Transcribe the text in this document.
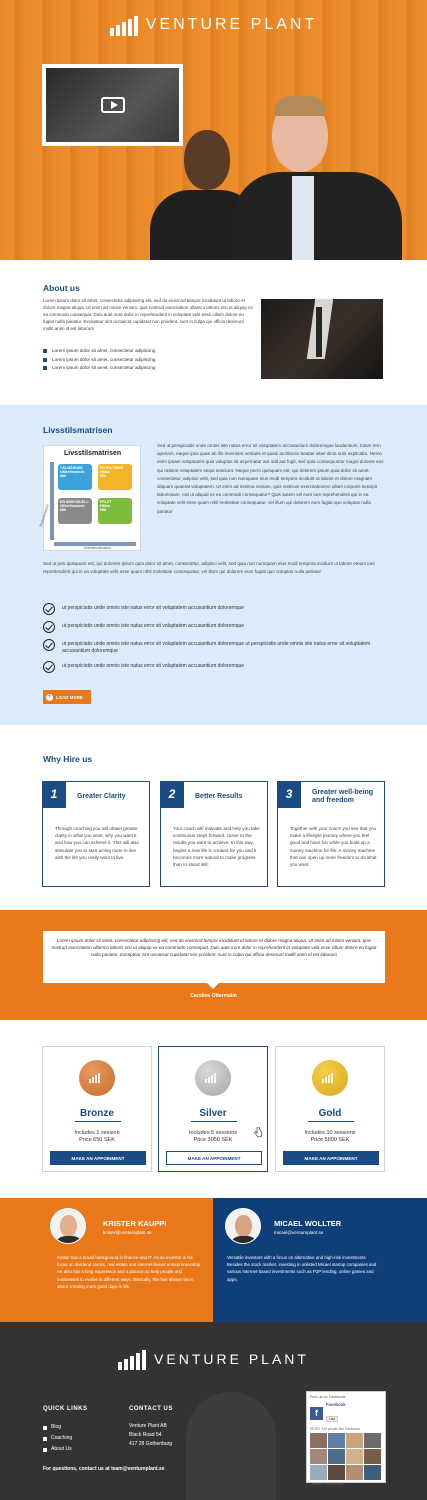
VENTURE PLANT
About us

Lorem ipsum dolor sit amet, consectetur adipiscing elit, sed do eiusmod tempor incididunt ut labore et dolore magna aliqua. Ut enim ad minim veniam, quis nostrud exercitation ullamco laboris nisi ut aliquip ex ea commodo consequat. Duis aute irure dolor in reprehenderit in voluptate velit esse cillum dolore eu fugiat nulla pariatur. Excepteur sint occaecat cupidatat non proident, sunt in culpa qui officia deserunt mollit anim id est laborum

Lorem ipsum dolor sit amet, consectetur adipiscing
Lorem ipsum dolor sit amet, consectetur adipiscing
Lorem ipsum dolor sit amet, consectetur adipiscing
Livsstilsmatrisen
Livsstilsmatrisen
VÅLMÅENDE
Välbefinnande
Mål
EN RIKTNING
Hälsa
Mål
EN INDIVIDUELL
Välbefinnande
Mål
FRI-ET
Hälsa
Mål
Prestationsnivå
Arbetsmotivation

Sed ut perspiciatis unde omnis iste natus error sit voluptatem accusantium doloremque laudantium, totam rem aperiam, eaque ipsa quae ab illo inventore veritatis et quasi architecto beatae vitae dicta sunt explicabo. Nemo enim ipsam voluptatem quia voluptas sit aspernatur aut odit aut fugit, sed quia consequuntur magni dolores eos qui ratione voluptatem sequi nesciunt. Neque porro quisquam est, qui dolorem ipsum quia dolor sit amet, consectetur, adipisci velit, sed quia non numquam eius modi tempora incidunt ut labore et dolore magnam aliquam quaerat voluptatem. Ut enim ad minima veniam, quis nostrum exercitationem ullam corporis suscipit laboriosam, nisi ut aliquid ex ea commodi consequatur? Quis autem vel eum iure reprehenderit qui in ea voluptate velit esse quam nihil molestiae consequatur, vel illum qui dolorem eum fugiat quo voluptas nulla pariatur

Sed ut peo quisquam est, qui dolorem ipsum quia dolor sit amet, consectetur, adipisci velit, sed quia non numquam eius modi tempora incidunt ut labore eteum iure reprehenderit qui in ea voluptate velit esse quam nihil molestiae consequatur, vel illum qui dolorem eum fugiat quo voluptas nulla pariatur

ut perspiciatis unde omnis iste natus error sit voluptatem accusantium doloremque
ut perspiciatis unde omnis iste natus error sit voluptatem accusantium doloremque
ut perspiciatis unde omnis iste natus error sit voluptatem accusantium doloremque ut perspiciatis unde omnis iste natus error sit voluptatem accusantium doloremque
ut perspiciatis unde omnis iste natus error sit voluptatem accusantium doloremque
+	LOAD MORE
Why Hire us
1	Greater Clarity

Through coaching you will obtain greater clarity in what you want, why you want it and how you can achieve it. This will also stimulate you to start acting more in line with the life you really want to live.

2	Better Results

Your coach will motivate and help you take continuous steps forward, closer to the results you want to achieve. In this way, begins a new life is created for you and it becomes more natural to make progress than to stand still.

3	Greater well-being and freedom

Together with your coach you see that you make a lifestyle journey where you feel good and have fun while you build up a money machine for life. A money machine that can open up more freedom to do what you want.

Lorem ipsum dolor sit amet, consectetur adipiscing elit, sed do eiusmod tempor incididunt ut labore et dolore magna aliqua. Ut enim ad minim veniam, quis nostrud exercitation ullamco laboris nisi ut aliquip ex ea commodo consequat. Duis aute irure dolor in reprehenderit in voluptate velit esse cillum dolore eu fugiat nulla pariatur. Excepteur sint occaecat cupidatat non proident, sunt in culpa qui officia deserunt mollit anim id est laborum
Caroline Ottermalm
Bronze
Includes 1 session
Price 650 SEK
MAKE AN APPOINMENT
Silver
Includes 5 sessions
Price 3050 SEK
MAKE AN APPOINMENT
Gold
Includes 10 sessions
Price 5800 SEK
MAKE AN APPOINMENT
KRISTER KAUPPI
krister@ventureplant.se

Krister has a broad background in finance and IT. As an investor is his focus on dividend stocks, real estate and internet-based entrepreneurship. He also has a long experience and a passion to help people and businesses to evolve in different ways. Basically, this has always been about creating more good days in life.

MICAEL WOLLTER
micael@ventureplant.se

Versatile investors with a focus on alternative and high-risk investments Besides the stock market, investing in unlisted Micael startup companies and various Internet-based investments such as P2P lending, online games and apps.

VENTURE PLANT
QUICK LINKS
Blog
Coaching
About Us
CONTACT US
Venture Plant AB
Black Road 54
417 28 Gothenburg
Find us on Facebook
f
Facebook
Like
95 807 240 people like Facebook
Facebook social plugin
For questions, contact us at team@ventureplant.se
